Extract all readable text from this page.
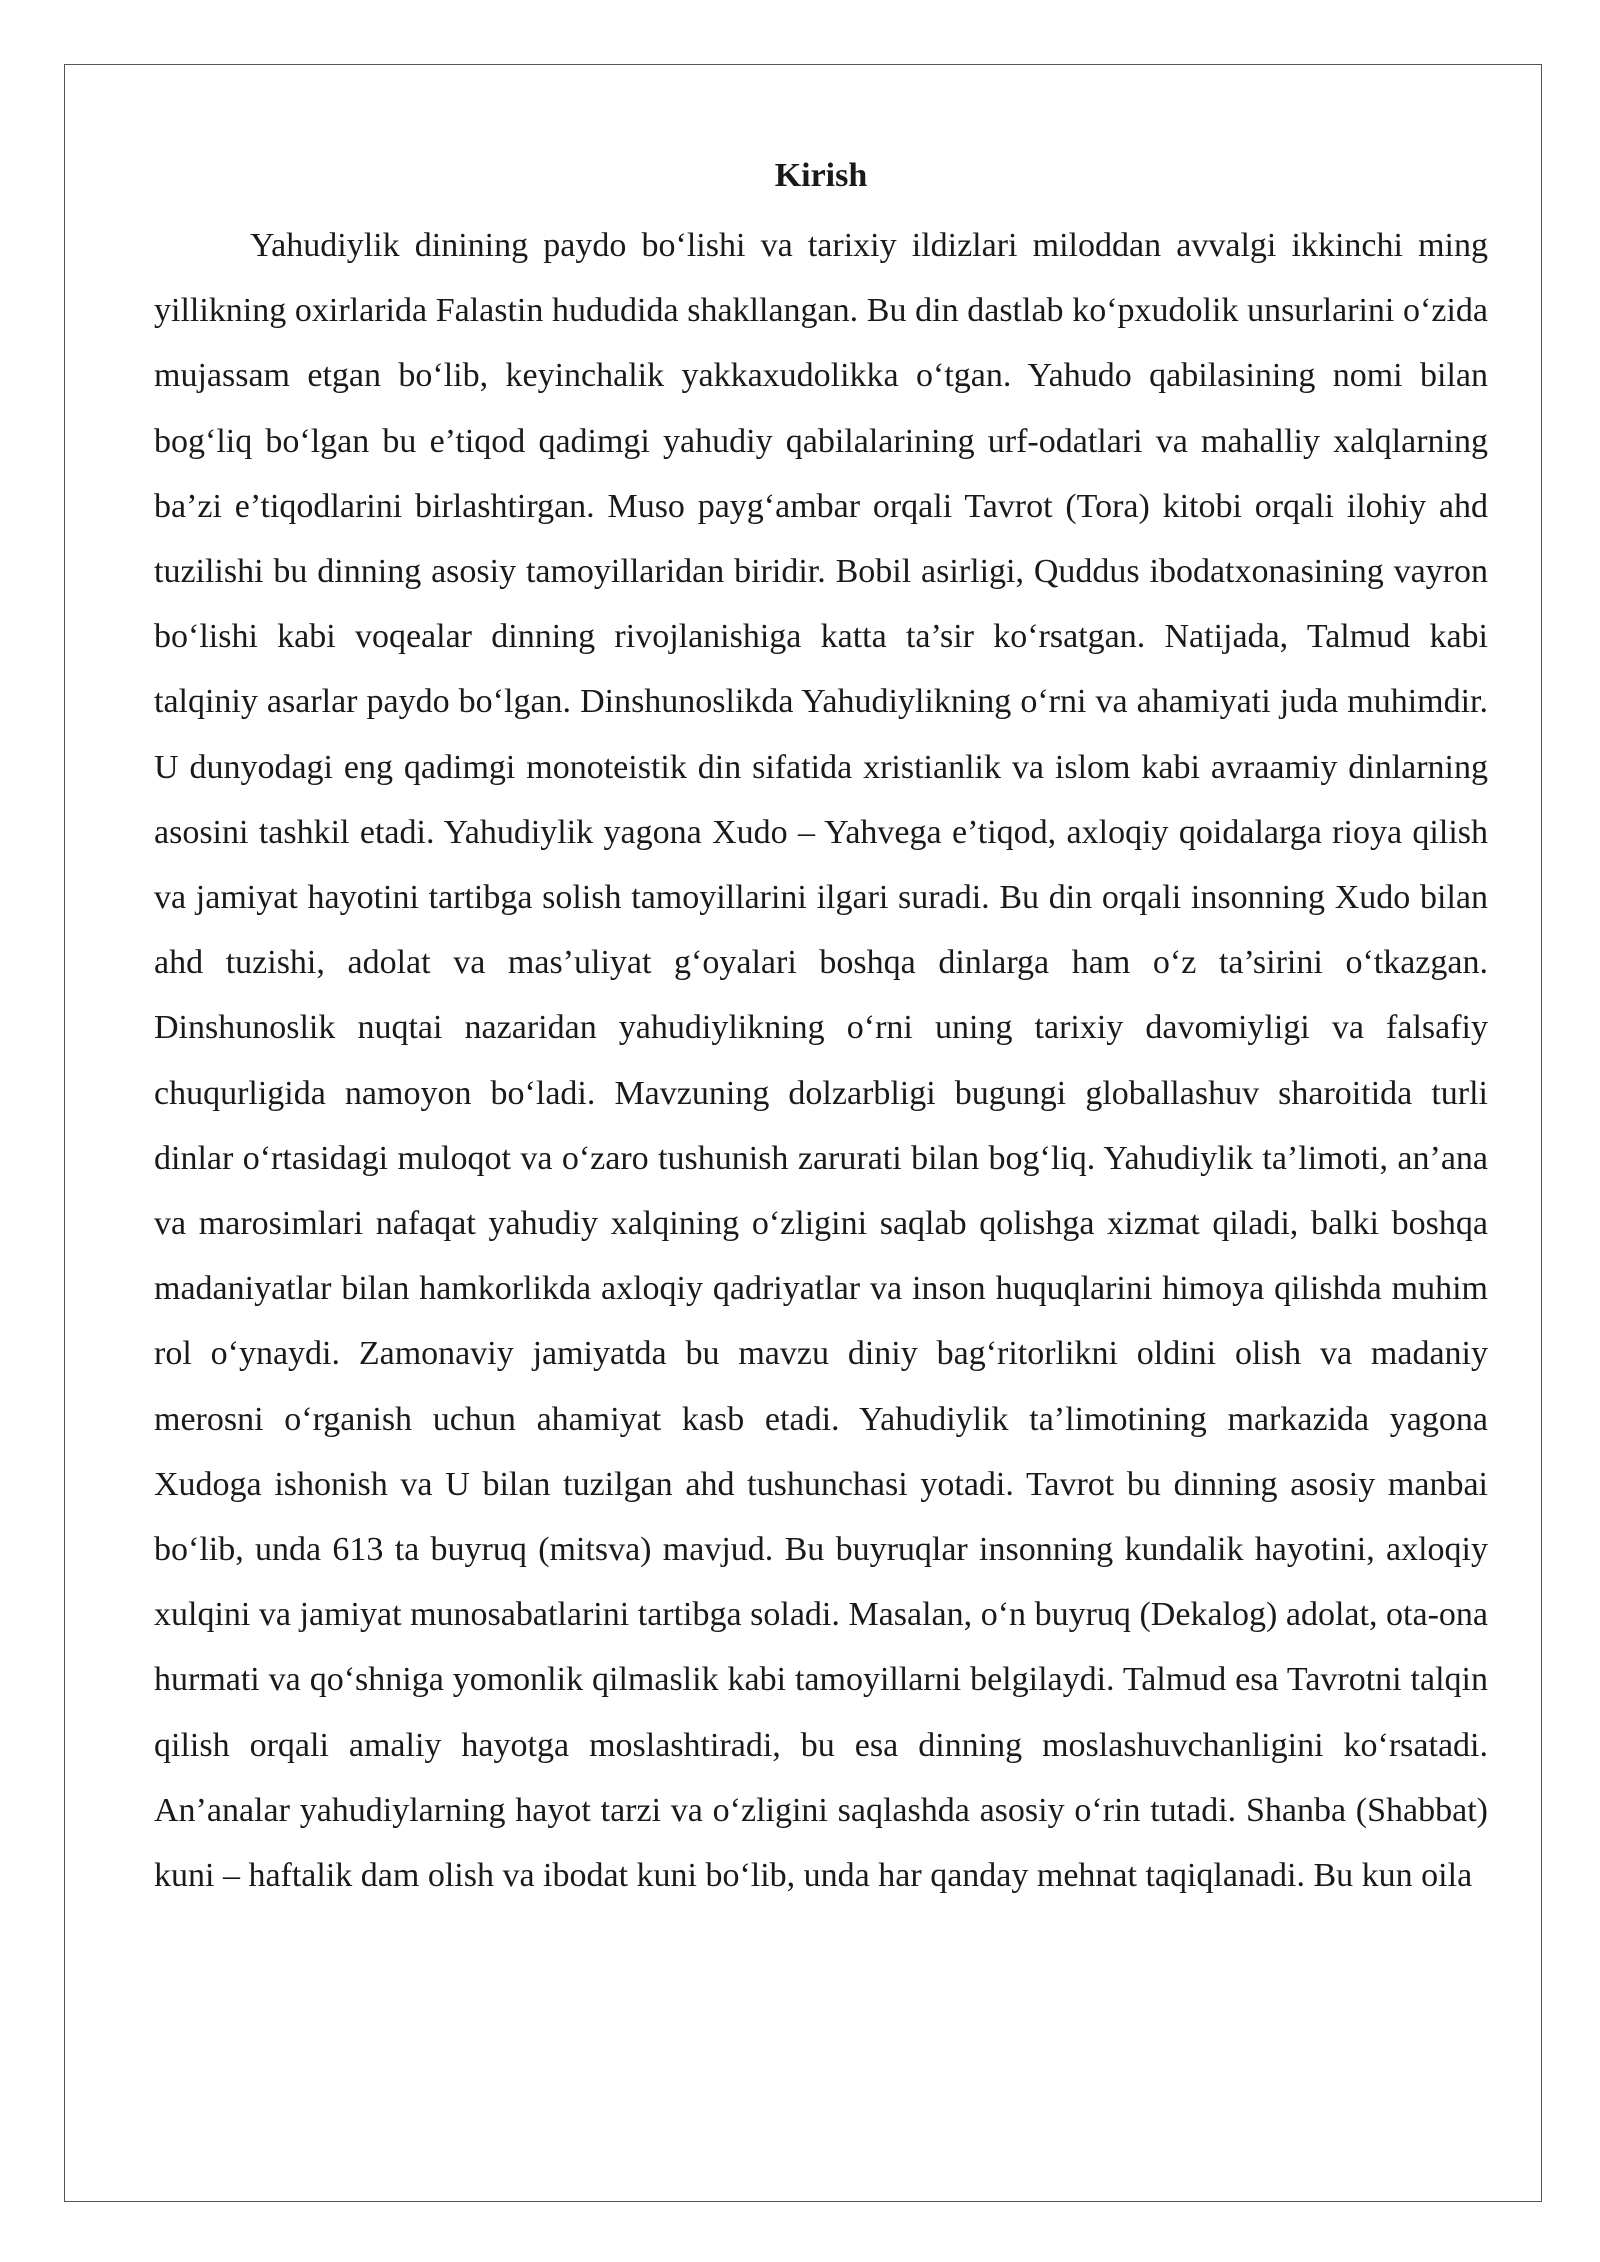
Kirish

Yahudiylik dinining paydo bo‘lishi va tarixiy ildizlari miloddan avvalgi ikkinchi ming yillikning oxirlarida Falastin hududida shakllangan. Bu din dastlab ko‘pxudolik unsurlarini o‘zida mujassam etgan bo‘lib, keyinchalik yakkaxudolikka o‘tgan. Yahudo qabilasining nomi bilan bog‘liq bo‘lgan bu e’tiqod qadimgi yahudiy qabilalarining urf-odatlari va mahalliy xalqlarning ba’zi e’tiqodlarini birlashtirgan. Muso payg‘ambar orqali Tavrot (Tora) kitobi orqali ilohiy ahd tuzilishi bu dinning asosiy tamoyillaridan biridir. Bobil asirligi, Quddus ibodatxonasining vayron bo‘lishi kabi voqealar dinning rivojlanishiga katta ta’sir ko‘rsatgan. Natijada, Talmud kabi talqiniy asarlar paydo bo‘lgan. Dinshunoslikda Yahudiylikning o‘rni va ahamiyati juda muhimdir. U dunyodagi eng qadimgi monoteistik din sifatida xristianlik va islom kabi avraamiy dinlarning asosini tashkil etadi. Yahudiylik yagona Xudo – Yahvega e’tiqod, axloqiy qoidalarga rioya qilish va jamiyat hayotini tartibga solish tamoyillarini ilgari suradi. Bu din orqali insonning Xudo bilan ahd tuzishi, adolat va mas’uliyat g‘oyalari boshqa dinlarga ham o‘z ta’sirini o‘tkazgan. Dinshunoslik nuqtai nazaridan yahudiylikning o‘rni uning tarixiy davomiyligi va falsafiy chuqurligida namoyon bo‘ladi. Mavzuning dolzarbligi bugungi globallashuv sharoitida turli dinlar o‘rtasidagi muloqot va o‘zaro tushunish zarurati bilan bog‘liq. Yahudiylik ta’limoti, an’ana va marosimlari nafaqat yahudiy xalqining o‘zligini saqlab qolishga xizmat qiladi, balki boshqa madaniyatlar bilan hamkorlikda axloqiy qadriyatlar va inson huquqlarini himoya qilishda muhim rol o‘ynaydi. Zamonaviy jamiyatda bu mavzu diniy bag‘ritorlikni oldini olish va madaniy merosni o‘rganish uchun ahamiyat kasb etadi. Yahudiylik ta’limotining markazida yagona Xudoga ishonish va U bilan tuzilgan ahd tushunchasi yotadi. Tavrot bu dinning asosiy manbai bo‘lib, unda 613 ta buyruq (mitsva) mavjud. Bu buyruqlar insonning kundalik hayotini, axloqiy xulqini va jamiyat munosabatlarini tartibga soladi. Masalan, o‘n buyruq (Dekalog) adolat, ota-ona hurmati va qo‘shniga yomonlik qilmaslik kabi tamoyillarni belgilaydi. Talmud esa Tavrotni talqin qilish orqali amaliy hayotga moslashtiradi, bu esa dinning moslashuvchanligini ko‘rsatadi. An’analar yahudiylarning hayot tarzi va o‘zligini saqlashda asosiy o‘rin tutadi. Shanba (Shabbat) kuni – haftalik dam olish va ibodat kuni bo‘lib, unda har qanday mehnat taqiqlanadi. Bu kun oila
